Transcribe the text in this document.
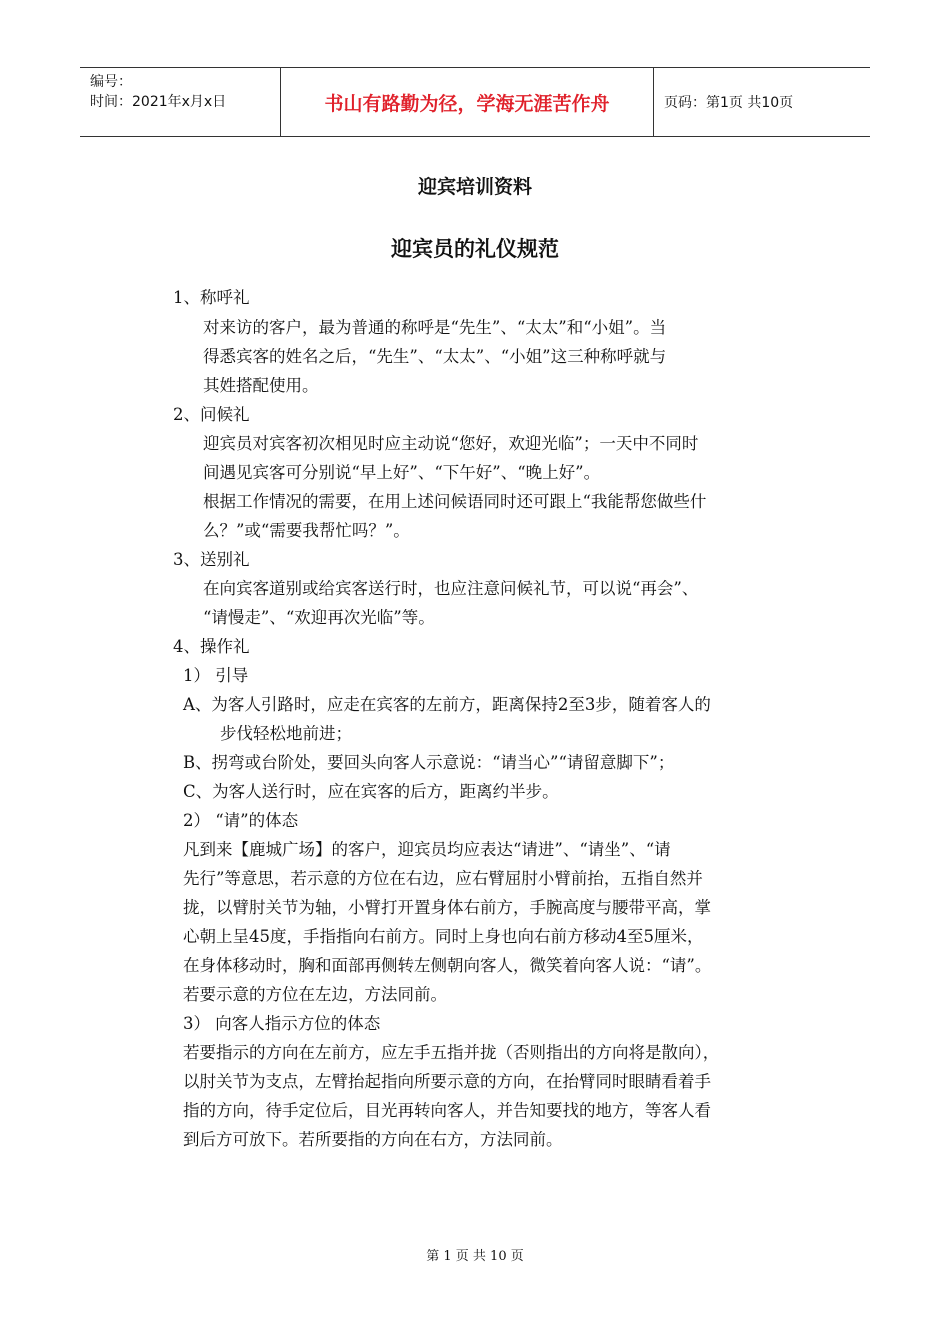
编号：
时间：2021年x月x日	书山有路勤为径，学海无涯苦作舟	页码：第1页 共10页
迎宾培训资料
迎宾员的礼仪规范
1、称呼礼
对来访的客户，最为普通的称呼是“先生”、“太太”和“小姐”。当
得悉宾客的姓名之后，“先生”、“太太”、“小姐”这三种称呼就与
其姓搭配使用。
2、问候礼
迎宾员对宾客初次相见时应主动说“您好，欢迎光临”；一天中不同时
间遇见宾客可分别说“早上好”、“下午好”、“晚上好”。
根据工作情况的需要，在用上述问候语同时还可跟上“我能帮您做些什
么？”或“需要我帮忙吗？”。
3、送别礼
在向宾客道别或给宾客送行时，也应注意问候礼节，可以说“再会”、
“请慢走”、“欢迎再次光临”等。
4、操作礼
1） 引导
A、为客人引路时，应走在宾客的左前方，距离保持2至3步，随着客人的
步伐轻松地前进；
B、拐弯或台阶处，要回头向客人示意说：“请当心”“请留意脚下”；
C、为客人送行时，应在宾客的后方，距离约半步。
2） “请”的体态
凡到来【鹿城广场】的客户，迎宾员均应表达“请进”、“请坐”、“请
先行”等意思，若示意的方位在右边，应右臂屈肘小臂前抬，五指自然并
拢，以臂肘关节为轴，小臂打开置身体右前方，手腕高度与腰带平高，掌
心朝上呈45度，手指指向右前方。同时上身也向右前方移动4至5厘米，
在身体移动时，胸和面部再侧转左侧朝向客人，微笑着向客人说：“请”。
若要示意的方位在左边，方法同前。
3） 向客人指示方位的体态
若要指示的方向在左前方，应左手五指并拢（否则指出的方向将是散向），
以肘关节为支点，左臂抬起指向所要示意的方向，在抬臂同时眼睛看着手
指的方向，待手定位后，目光再转向客人，并告知要找的地方，等客人看
到后方可放下。若所要指的方向在右方，方法同前。
第 1 页 共 10 页
